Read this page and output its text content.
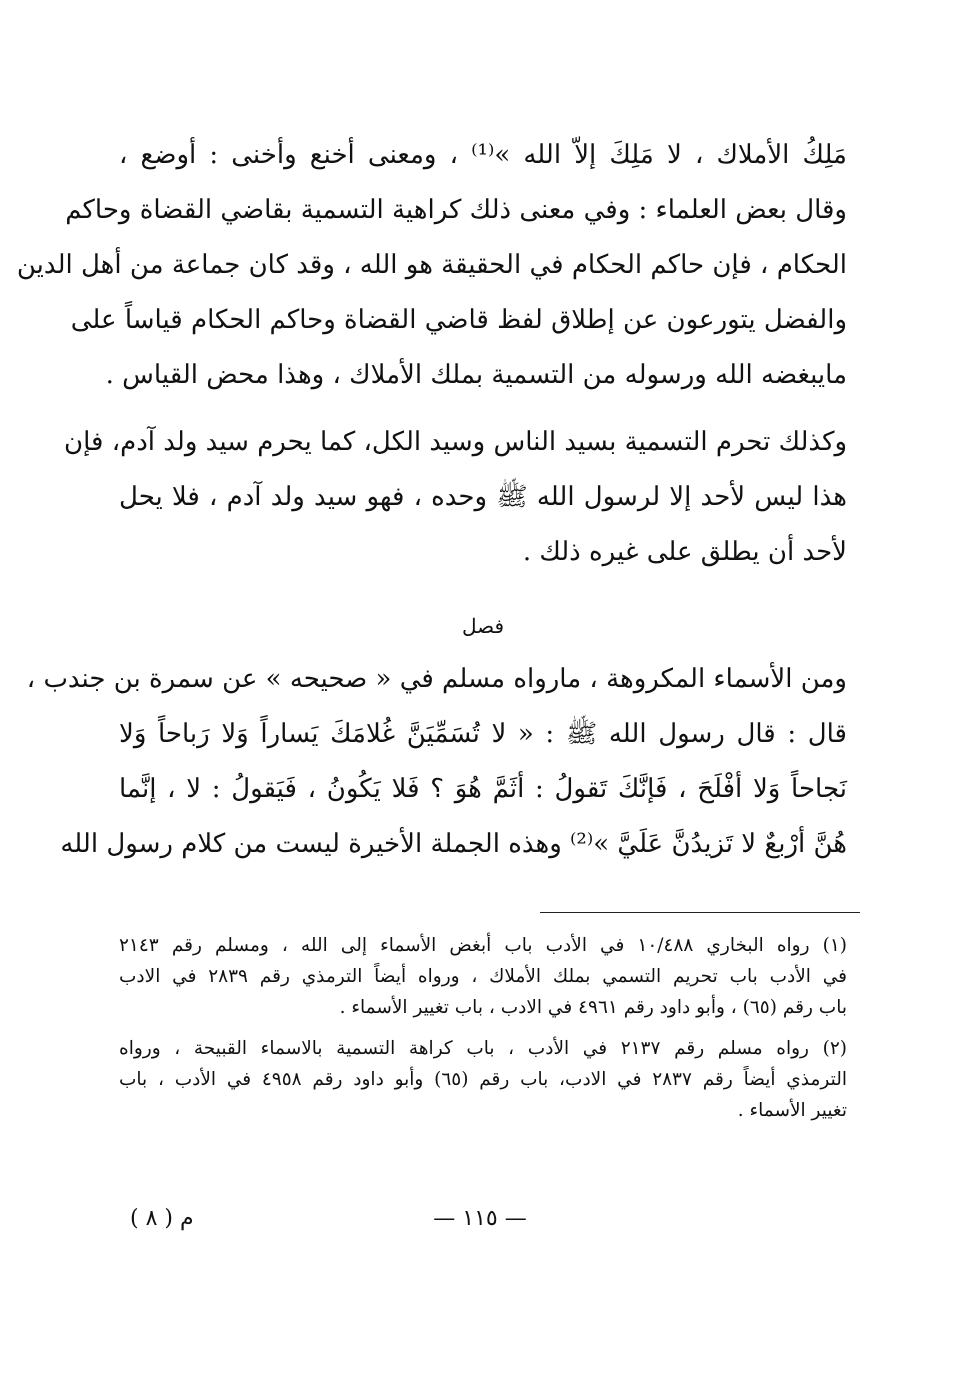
مَلِكُ الأملاك ، لا مَلِكَ إلاّ الله »⁽¹⁾ ، ومعنى أخنع وأخنى : أوضع ،
وقال بعض العلماء : وفي معنى ذلك كراهية التسمية بقاضي القضاة وحاكم
الحكام ، فإن حاكم الحكام في الحقيقة هو الله ، وقد كان جماعة من أهل الدين
والفضل يتورعون عن إطلاق لفظ قاضي القضاة وحاكم الحكام قياساً على
مايبغضه الله ورسوله من التسمية بملك الأملاك ، وهذا محض القياس .
وكذلك تحرم التسمية بسيد الناس وسيد الكل، كما يحرم سيد ولد آدم، فإن
هذا ليس لأحد إلا لرسول الله ﷺ وحده ، فهو سيد ولد آدم ، فلا يحل
لأحد أن يطلق على غيره ذلك .
فصل
ومن الأسماء المكروهة ، مارواه مسلم في « صحيحه » عن سمرة بن جندب ،
قال : قال رسول الله ﷺ : « لا تُسَمِّيَنَّ غُلامَكَ يَساراً وَلا رَباحاً وَلا
نَجاحاً وَلا أفْلَحَ ، فَإنَّكَ تَقولُ : أثَمَّ هُوَ ؟ فَلا يَكُونُ ، فَيَقولُ : لا ، إنَّما
هُنَّ أرْبعٌ لا تَزيدُنَّ عَلَيَّ »⁽²⁾ وهذه الجملة الأخيرة ليست من كلام رسول الله
(١) رواه البخاري ١٠/٤٨٨ في الأدب باب أبغض الأسماء إلى الله ، ومسلم رقم ٢١٤٣
في الأدب باب تحريم التسمي بملك الأملاك ، ورواه أيضاً الترمذي رقم ٢٨٣٩ في الادب
باب رقم (٦٥) ، وأبو داود رقم ٤٩٦١ في الادب ، باب تغيير الأسماء .
(٢) رواه مسلم رقم ٢١٣٧ في الأدب ، باب كراهة التسمية بالاسماء القبيحة ، ورواه
الترمذي أيضاً رقم ٢٨٣٧ في الادب، باب رقم (٦٥) وأبو داود رقم ٤٩٥٨ في الأدب ، باب
تغيير الأسماء .
— ١١٥ —
م ( ٨ )
